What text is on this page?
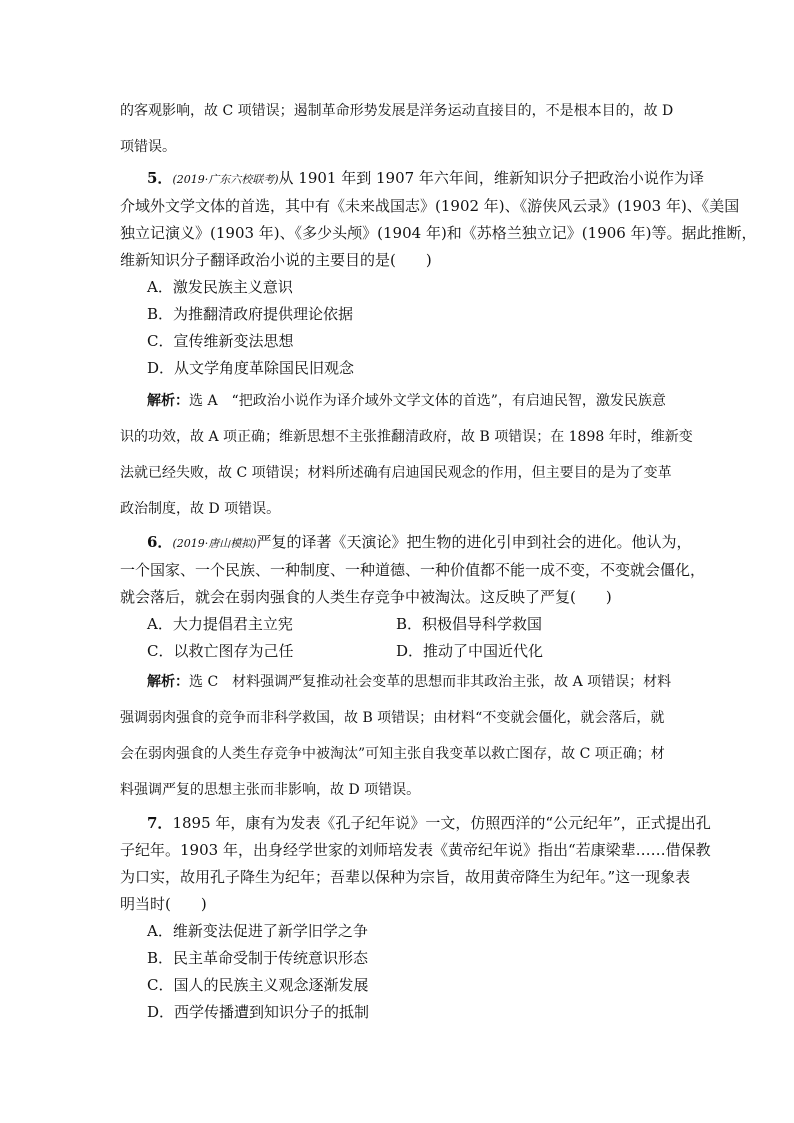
的客观影响，故 C 项错误；遏制革命形势发展是洋务运动直接目的，不是根本目的，故 D
项错误。
5．(2019·广东六校联考)从 1901 年到 1907 年六年间，维新知识分子把政治小说作为译
介域外文学文体的首选，其中有《未来战国志》(1902 年)、《游侠风云录》(1903 年)、《美国
独立记演义》(1903 年)、《多少头颅》(1904 年)和《苏格兰独立记》(1906 年)等。据此推断，
维新知识分子翻译政治小说的主要目的是(　　)
A．激发民族主义意识
B．为推翻清政府提供理论依据
C．宣传维新变法思想
D．从文学角度革除国民旧观念
解析：选 A　“把政治小说作为译介域外文学文体的首选”，有启迪民智，激发民族意
识的功效，故 A 项正确；维新思想不主张推翻清政府，故 B 项错误；在 1898 年时，维新变
法就已经失败，故 C 项错误；材料所述确有启迪国民观念的作用，但主要目的是为了变革
政治制度，故 D 项错误。
6．(2019·唐山模拟)严复的译著《天演论》把生物的进化引申到社会的进化。他认为，
一个国家、一个民族、一种制度、一种道德、一种价值都不能一成不变，不变就会僵化，
就会落后，就会在弱肉强食的人类生存竞争中被淘汰。这反映了严复(　　)
A．大力提倡君主立宪	B．积极倡导科学救国
C．以救亡图存为己任	D．推动了中国近代化
解析：选 C　材料强调严复推动社会变革的思想而非其政治主张，故 A 项错误；材料
强调弱肉强食的竞争而非科学救国，故 B 项错误；由材料“不变就会僵化，就会落后，就
会在弱肉强食的人类生存竞争中被淘汰”可知主张自我变革以救亡图存，故 C 项正确；材
料强调严复的思想主张而非影响，故 D 项错误。
7．1895 年，康有为发表《孔子纪年说》一文，仿照西洋的“公元纪年”，正式提出孔
子纪年。1903 年，出身经学世家的刘师培发表《黄帝纪年说》指出“若康梁辈……借保教
为口实，故用孔子降生为纪年；吾辈以保种为宗旨，故用黄帝降生为纪年。”这一现象表
明当时(　　)
A．维新变法促进了新学旧学之争
B．民主革命受制于传统意识形态
C．国人的民族主义观念逐渐发展
D．西学传播遭到知识分子的抵制
